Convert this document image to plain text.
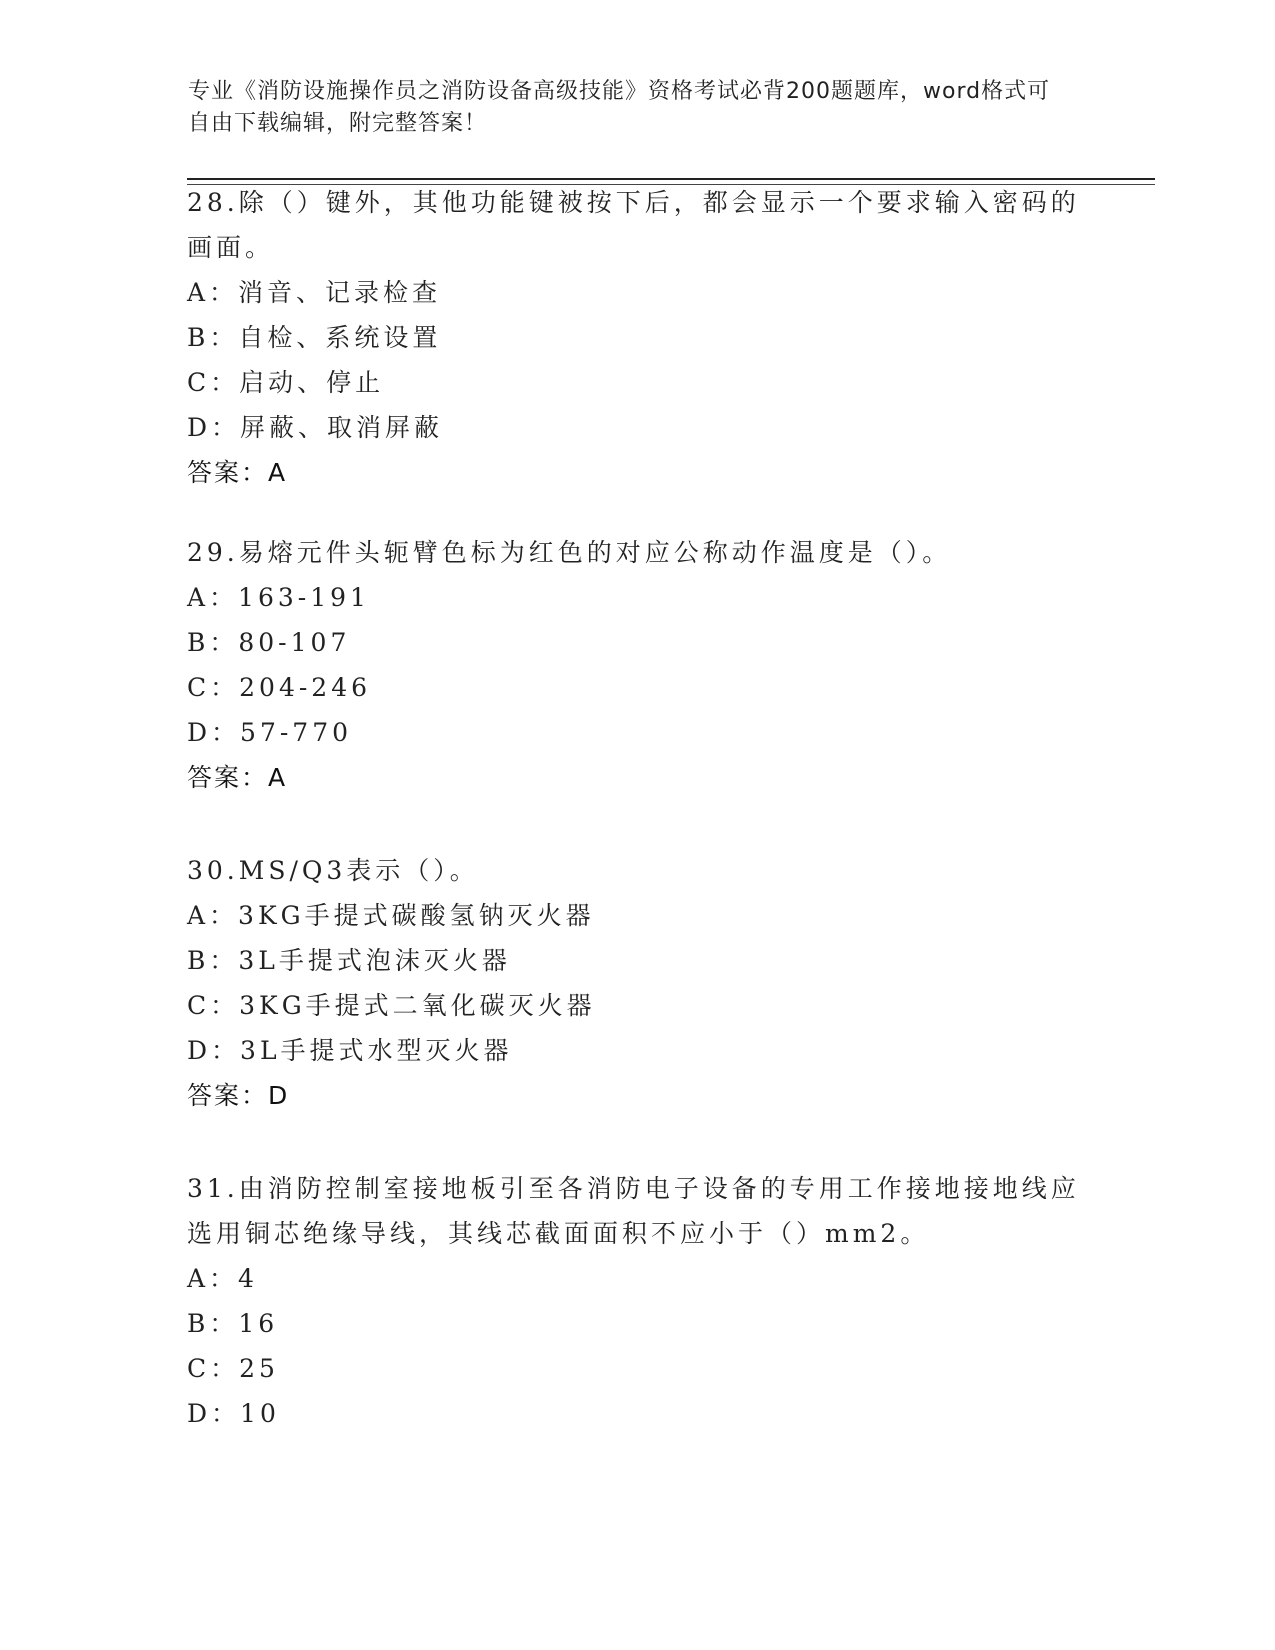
专业《消防设施操作员之消防设备高级技能》资格考试必背200题题库，word格式可自由下载编辑，附完整答案！

28.除（）键外，其他功能键被按下后，都会显示一个要求输入密码的画面。

A：消音、记录检查

B：自检、系统设置

C：启动、停止

D：屏蔽、取消屏蔽

答案：A

29.易熔元件头轭臂色标为红色的对应公称动作温度是（）。

A：163-191

B：80-107

C：204-246

D：57-770

答案：A

30.MS/Q3表示（）。

A：3KG手提式碳酸氢钠灭火器

B：3L手提式泡沫灭火器

C：3KG手提式二氧化碳灭火器

D：3L手提式水型灭火器

答案：D

31.由消防控制室接地板引至各消防电子设备的专用工作接地接地线应选用铜芯绝缘导线，其线芯截面面积不应小于（）mm2。

A：4

B：16

C：25

D：10
